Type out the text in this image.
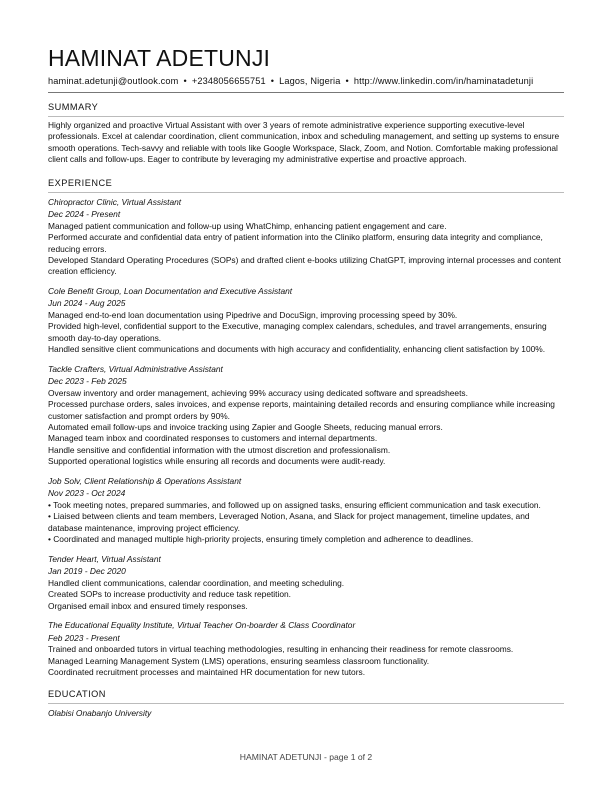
HAMINAT ADETUNJI
haminat.adetunji@outlook.com • +2348056655751 • Lagos, Nigeria • http://www.linkedin.com/in/haminatadetunji
SUMMARY
Highly organized and proactive Virtual Assistant with over 3 years of remote administrative experience supporting executive-level professionals. Excel at calendar coordination, client communication, inbox and scheduling management, and setting up systems to ensure smooth operations. Tech-savvy and reliable with tools like Google Workspace, Slack, Zoom, and Notion. Comfortable making professional client calls and follow-ups. Eager to contribute by leveraging my administrative expertise and proactive approach.
EXPERIENCE
Chiropractor Clinic, Virtual Assistant
Dec 2024 - Present
Managed patient communication and follow-up using WhatChimp, enhancing patient engagement and care.
Performed accurate and confidential data entry of patient information into the Cliniko platform, ensuring data integrity and compliance, reducing errors.
Developed Standard Operating Procedures (SOPs) and drafted client e-books utilizing ChatGPT, improving internal processes and content creation efficiency.
Cole Benefit Group, Loan Documentation and Executive Assistant
Jun 2024 - Aug 2025
Managed end-to-end loan documentation using Pipedrive and DocuSign, improving processing speed by 30%.
Provided high-level, confidential support to the Executive, managing complex calendars, schedules, and travel arrangements, ensuring smooth day-to-day operations.
Handled sensitive client communications and documents with high accuracy and confidentiality, enhancing client satisfaction by 100%.
Tackle Crafters, Virtual Administrative Assistant
Dec 2023 - Feb 2025
Oversaw inventory and order management, achieving 99% accuracy using dedicated software and spreadsheets.
Processed purchase orders, sales invoices, and expense reports, maintaining detailed records and ensuring compliance while increasing customer satisfaction and prompt orders by 90%.
Automated email follow-ups and invoice tracking using Zapier and Google Sheets, reducing manual errors.
Managed team inbox and coordinated responses to customers and internal departments.
Handle sensitive and confidential information with the utmost discretion and professionalism.
Supported operational logistics while ensuring all records and documents were audit-ready.
Job Solv, Client Relationship & Operations Assistant
Nov 2023 - Oct 2024
• Took meeting notes, prepared summaries, and followed up on assigned tasks, ensuring efficient communication and task execution.
• Liaised between clients and team members, Leveraged Notion, Asana, and Slack for project management, timeline updates, and database maintenance, improving project efficiency.
• Coordinated and managed multiple high-priority projects, ensuring timely completion and adherence to deadlines.
Tender Heart, Virtual Assistant
Jan 2019 - Dec 2020
Handled client communications, calendar coordination, and meeting scheduling.
Created SOPs to increase productivity and reduce task repetition.
Organised email inbox and ensured timely responses.
The Educational Equality Institute, Virtual Teacher On-boarder & Class Coordinator
Feb 2023 - Present
Trained and onboarded tutors in virtual teaching methodologies, resulting in enhancing their readiness for remote classrooms.
Managed Learning Management System (LMS) operations, ensuring seamless classroom functionality.
Coordinated recruitment processes and maintained HR documentation for new tutors.
EDUCATION
Olabisi Onabanjo University
HAMINAT ADETUNJI - page 1 of 2
